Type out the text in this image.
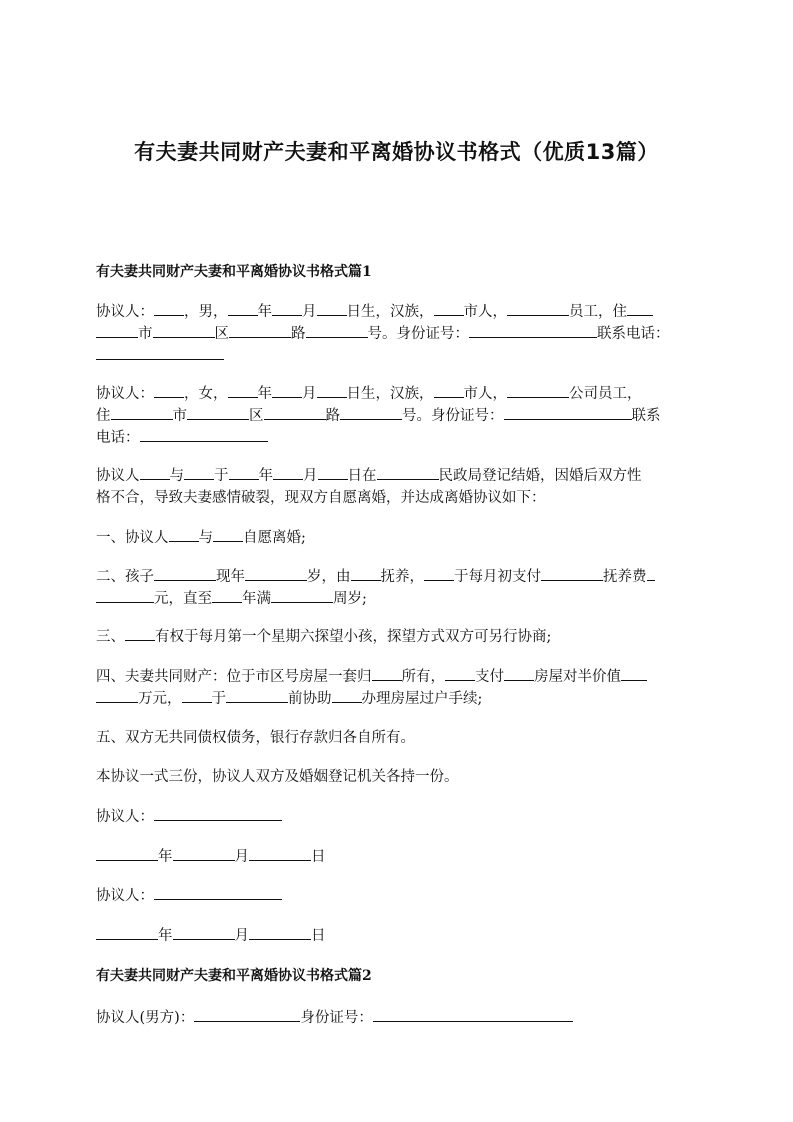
有夫妻共同财产夫妻和平离婚协议书格式（优质13篇）
有夫妻共同财产夫妻和平离婚协议书格式篇1
协议人： ，男， 年 月 日生，汉族， 市人，	员工，住
市	区	路	号。身份证号：	联系电话：
协议人： ，女， 年 月 日生，汉族， 市人，	公司员工，
住	市	区	路	号。身份证号：	联系
电话：
协议人 与 于 年 月 日在	民政局登记结婚，因婚后双方性
格不合，导致夫妻感情破裂，现双方自愿离婚，并达成离婚协议如下：
一、协议人 与 自愿离婚;
二、孩子	现年	岁，由 抚养， 于每月初支付	抚养费
元，直至 年满	周岁;
三、 有权于每月第一个星期六探望小孩，探望方式双方可另行协商;
四、夫妻共同财产：位于市区号房屋一套归 所有， 支付 房屋对半价值
万元， 于	前协助 办理房屋过户手续;
五、双方无共同债权债务，银行存款归各自所有。
本协议一式三份，协议人双方及婚姻登记机关各持一份。
协议人：
年	月	日
协议人：
年	月	日
有夫妻共同财产夫妻和平离婚协议书格式篇2
协议人(男方)：	身份证号：
